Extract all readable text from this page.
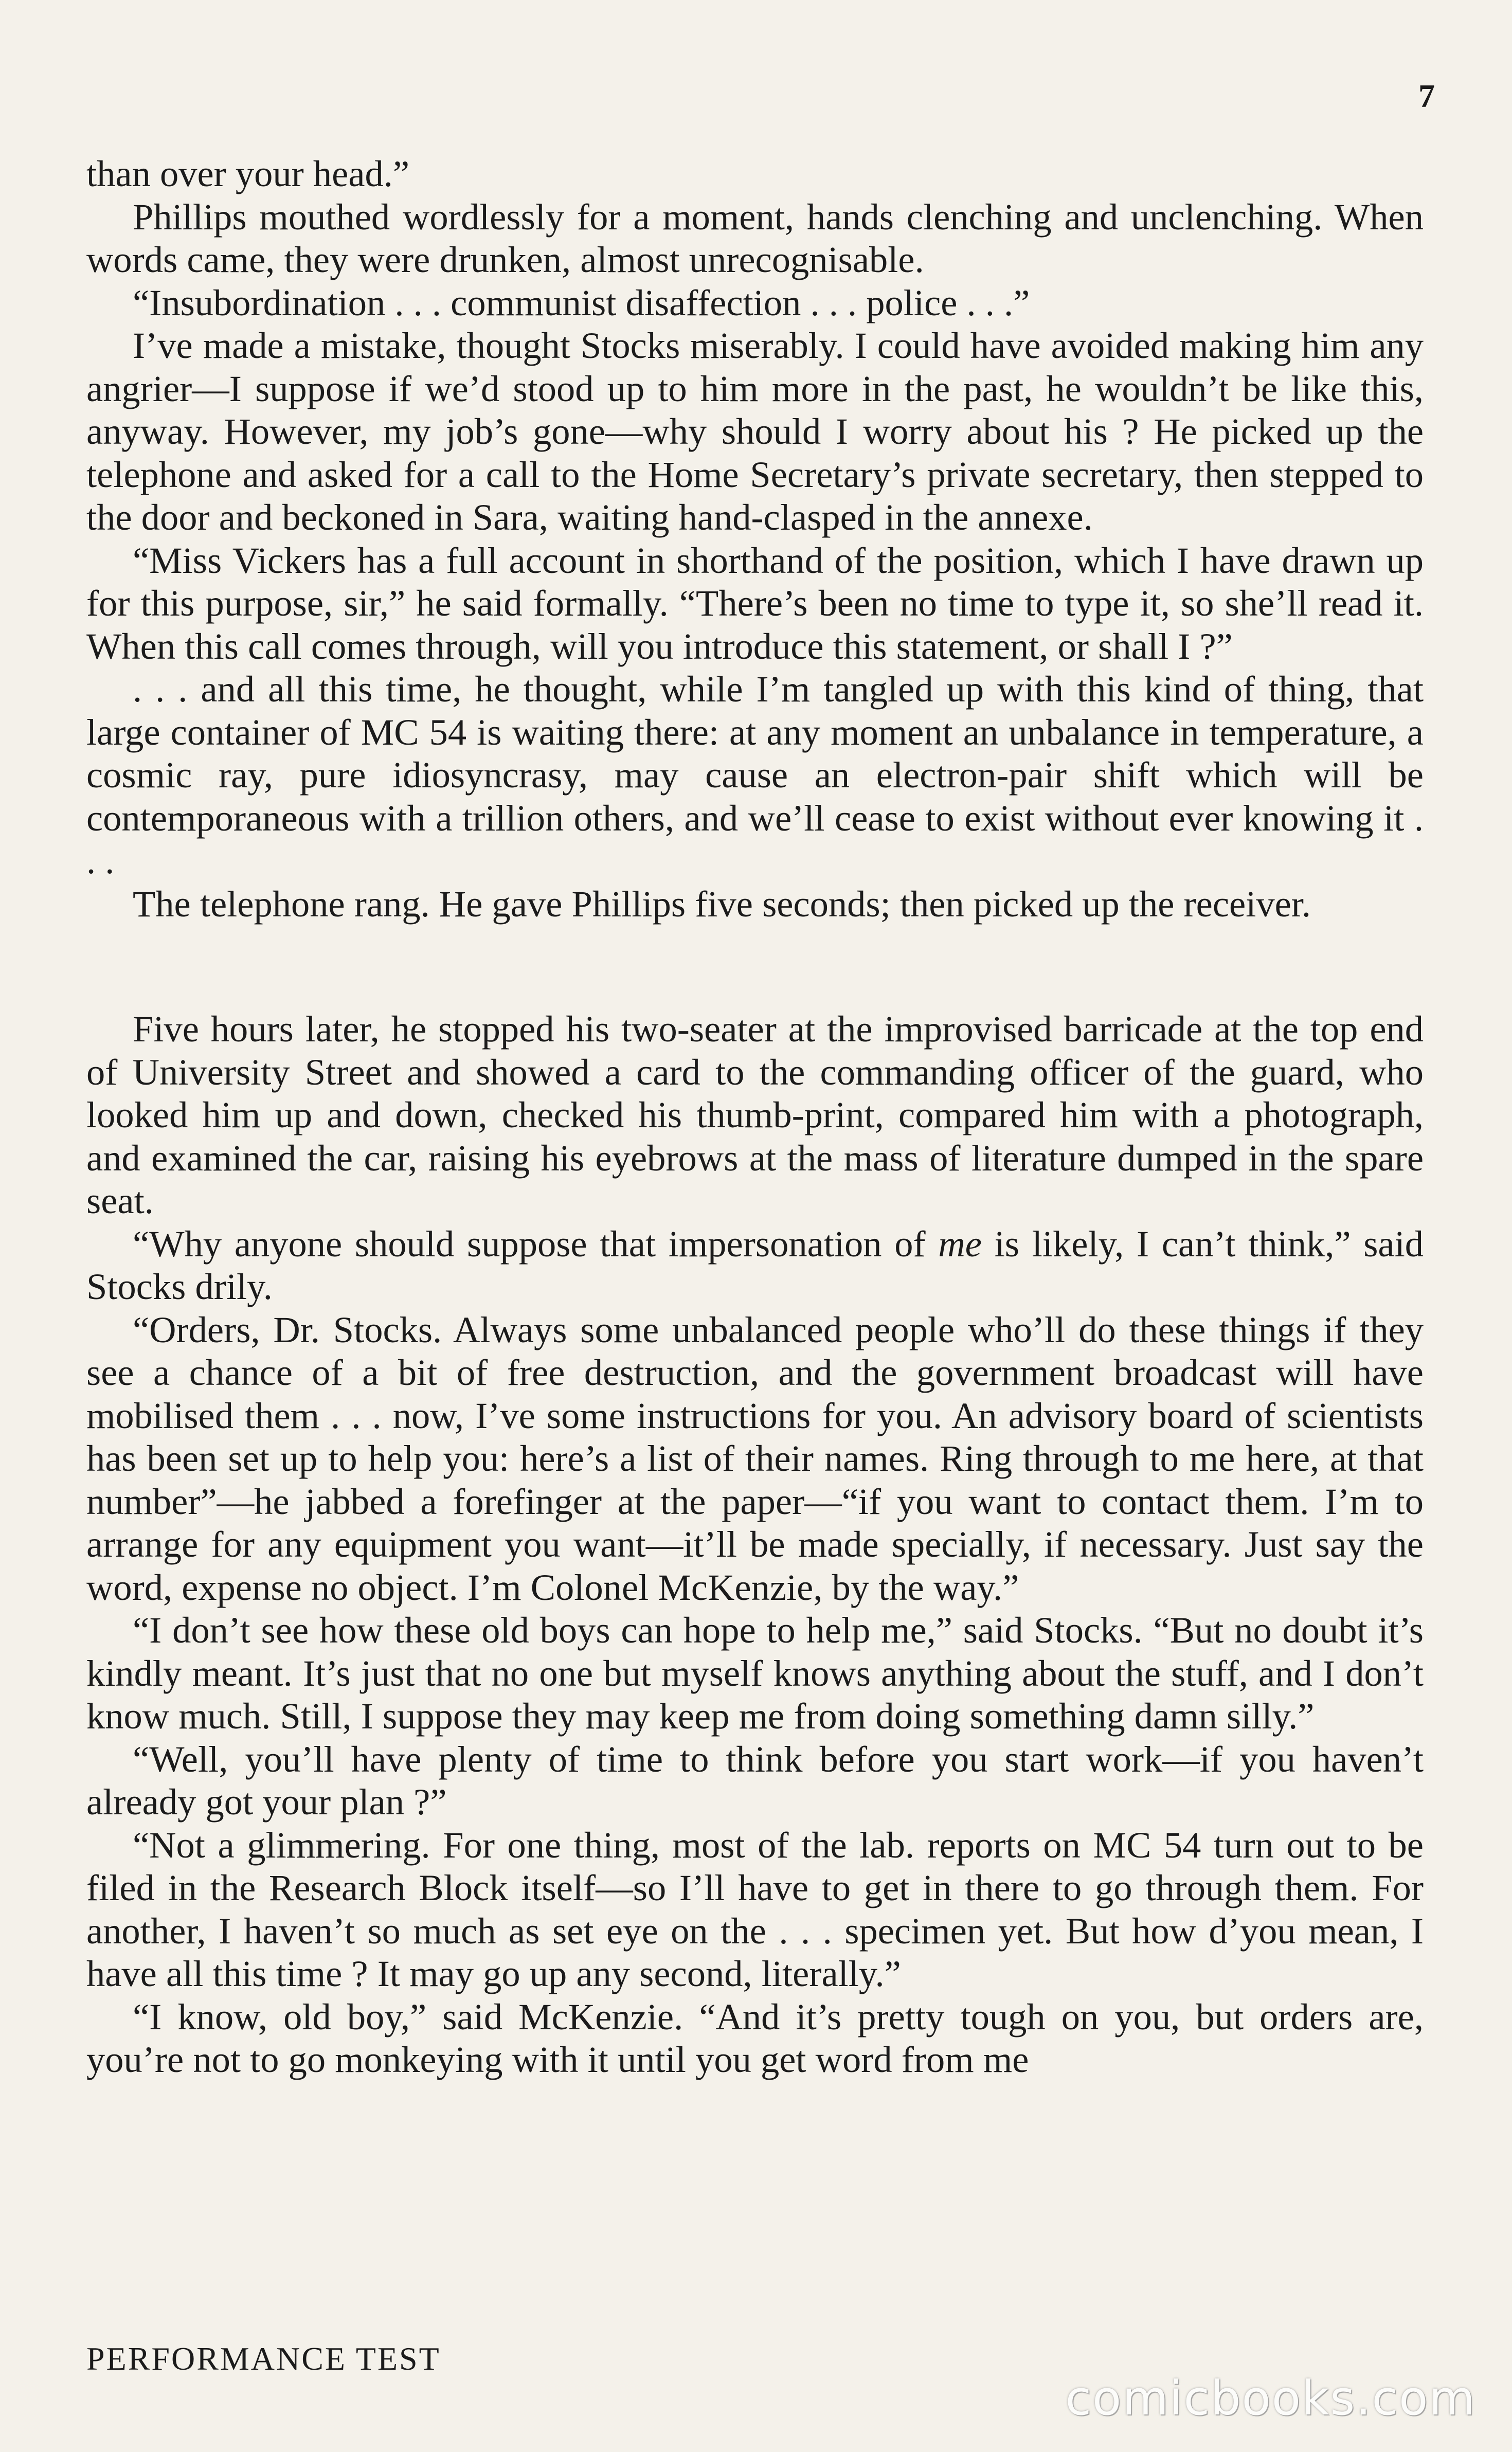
7

than over your head.”

Phillips mouthed wordlessly for a moment, hands clenching and unclenching. When words came, they were drunken, almost unrecognisable.

“Insubordination . . . communist disaffection . . . police . . .”

I’ve made a mistake, thought Stocks miserably. I could have avoided making him any angrier—I suppose if we’d stood up to him more in the past, he wouldn’t be like this, anyway. However, my job’s gone—why should I worry about his ? He picked up the telephone and asked for a call to the Home Secretary’s private secretary, then stepped to the door and beckoned in Sara, waiting hand-clasped in the annexe.

“Miss Vickers has a full account in shorthand of the position, which I have drawn up for this purpose, sir,” he said formally. “There’s been no time to type it, so she’ll read it. When this call comes through, will you introduce this statement, or shall I ?”

. . . and all this time, he thought, while I’m tangled up with this kind of thing, that large container of MC 54 is waiting there: at any moment an unbalance in temperature, a cosmic ray, pure idiosyncrasy, may cause an electron-pair shift which will be contemporaneous with a trillion others, and we’ll cease to exist without ever knowing it . . .

The telephone rang. He gave Phillips five seconds; then picked up the receiver.

Five hours later, he stopped his two-seater at the improvised barricade at the top end of University Street and showed a card to the commanding officer of the guard, who looked him up and down, checked his thumb-print, compared him with a photograph, and examined the car, raising his eyebrows at the mass of literature dumped in the spare seat.

“Why anyone should suppose that impersonation of me is likely, I can’t think,” said Stocks drily.

“Orders, Dr. Stocks. Always some unbalanced people who’ll do these things if they see a chance of a bit of free destruction, and the government broadcast will have mobilised them . . . now, I’ve some instructions for you. An advisory board of scientists has been set up to help you: here’s a list of their names. Ring through to me here, at that number”—he jabbed a forefinger at the paper—“if you want to contact them. I’m to arrange for any equipment you want—it’ll be made specially, if necessary. Just say the word, expense no object. I’m Colonel McKenzie, by the way.”

“I don’t see how these old boys can hope to help me,” said Stocks. “But no doubt it’s kindly meant. It’s just that no one but myself knows anything about the stuff, and I don’t know much. Still, I suppose they may keep me from doing something damn silly.”

“Well, you’ll have plenty of time to think before you start work—if you haven’t already got your plan ?”

“Not a glimmering. For one thing, most of the lab. reports on MC 54 turn out to be filed in the Research Block itself—so I’ll have to get in there to go through them. For another, I haven’t so much as set eye on the . . . specimen yet. But how d’you mean, I have all this time ? It may go up any second, literally.”

“I know, old boy,” said McKenzie. “And it’s pretty tough on you, but orders are, you’re not to go monkeying with it until you get word from me

PERFORMANCE TEST
comicbooks.com
